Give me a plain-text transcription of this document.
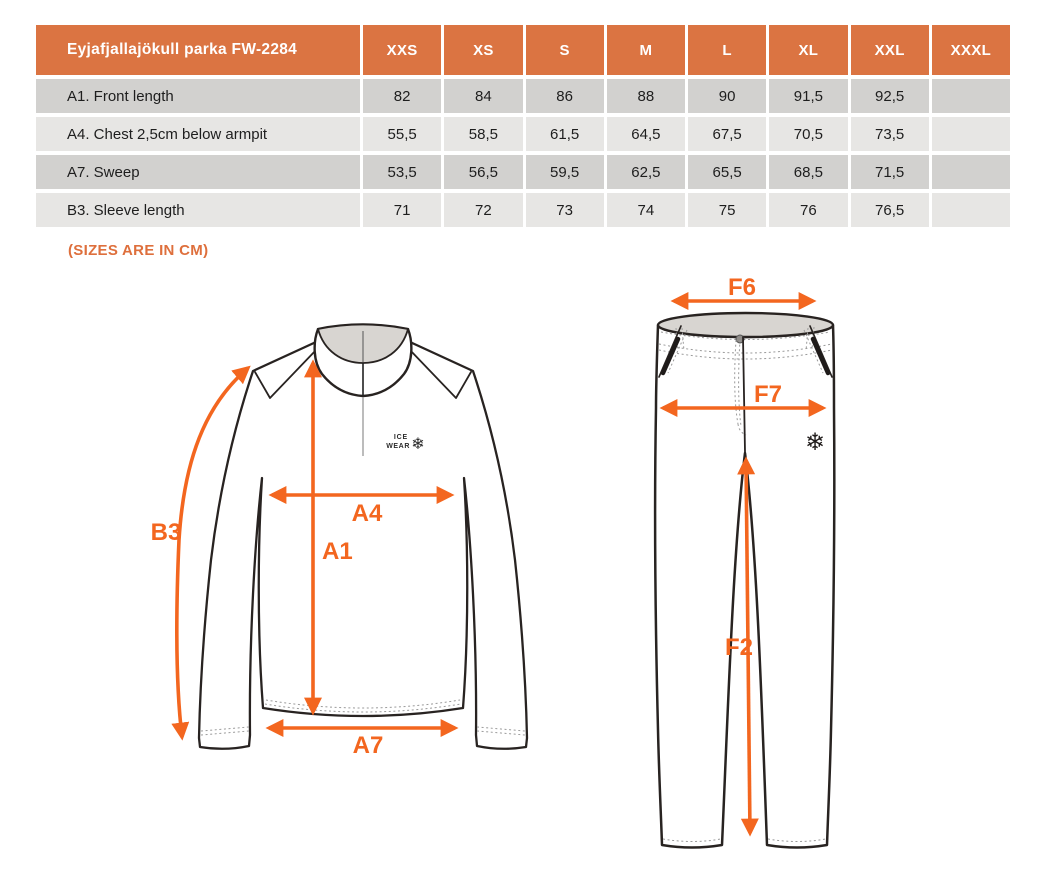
Eyjafjallajökull parka FW-2284	XXS	XS	S	M	L	XL	XXL	XXXL
A1. Front length	82	84	86	88	90	91,5	92,5
A4. Chest 2,5cm below armpit	55,5	58,5	61,5	64,5	67,5	70,5	73,5
A7. Sweep	53,5	56,5	59,5	62,5	65,5	68,5	71,5
B3. Sleeve length	71	72	73	74	75	76	76,5
(SIZES ARE IN CM)
ICE
WEAR ❄
B3
A4
A1
A7
❄
F6
F7
F2
